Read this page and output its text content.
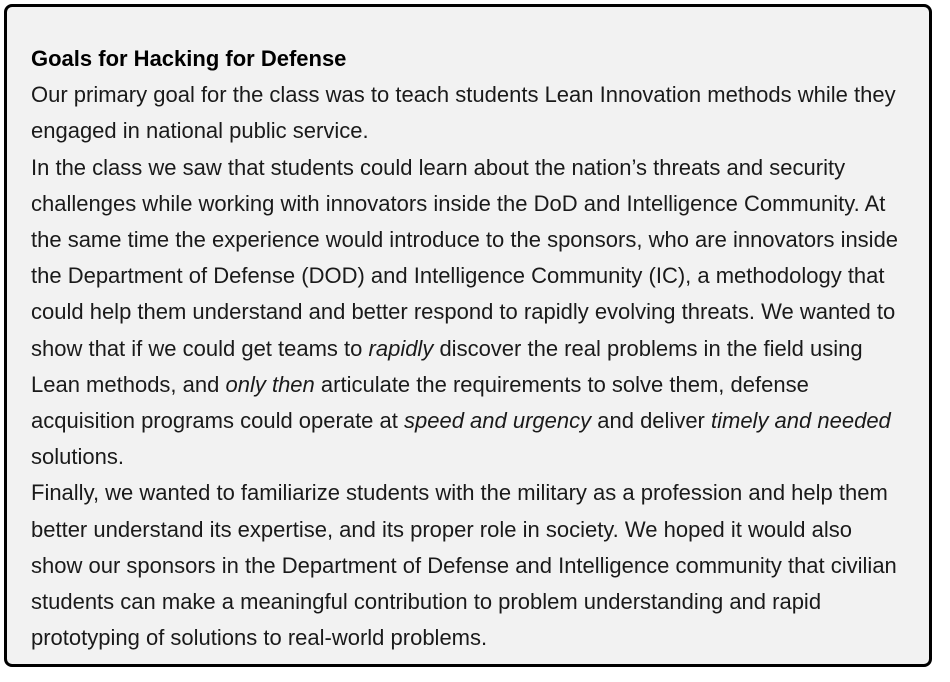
Goals for Hacking for Defense

Our primary goal for the class was to teach students Lean Innovation methods while they engaged in national public service.

In the class we saw that students could learn about the nation’s threats and security challenges while working with innovators inside the DoD and Intelligence Community. At the same time the experience would introduce to the sponsors, who are innovators inside the Department of Defense (DOD) and Intelligence Community (IC), a methodology that could help them understand and better respond to rapidly evolving threats. We wanted to show that if we could get teams to rapidly discover the real problems in the field using Lean methods, and only then articulate the requirements to solve them, defense acquisition programs could operate at speed and urgency and deliver timely and needed solutions.

Finally, we wanted to familiarize students with the military as a profession and help them better understand its expertise, and its proper role in society. We hoped it would also show our sponsors in the Department of Defense and Intelligence community that civilian students can make a meaningful contribution to problem understanding and rapid prototyping of solutions to real-world problems.
